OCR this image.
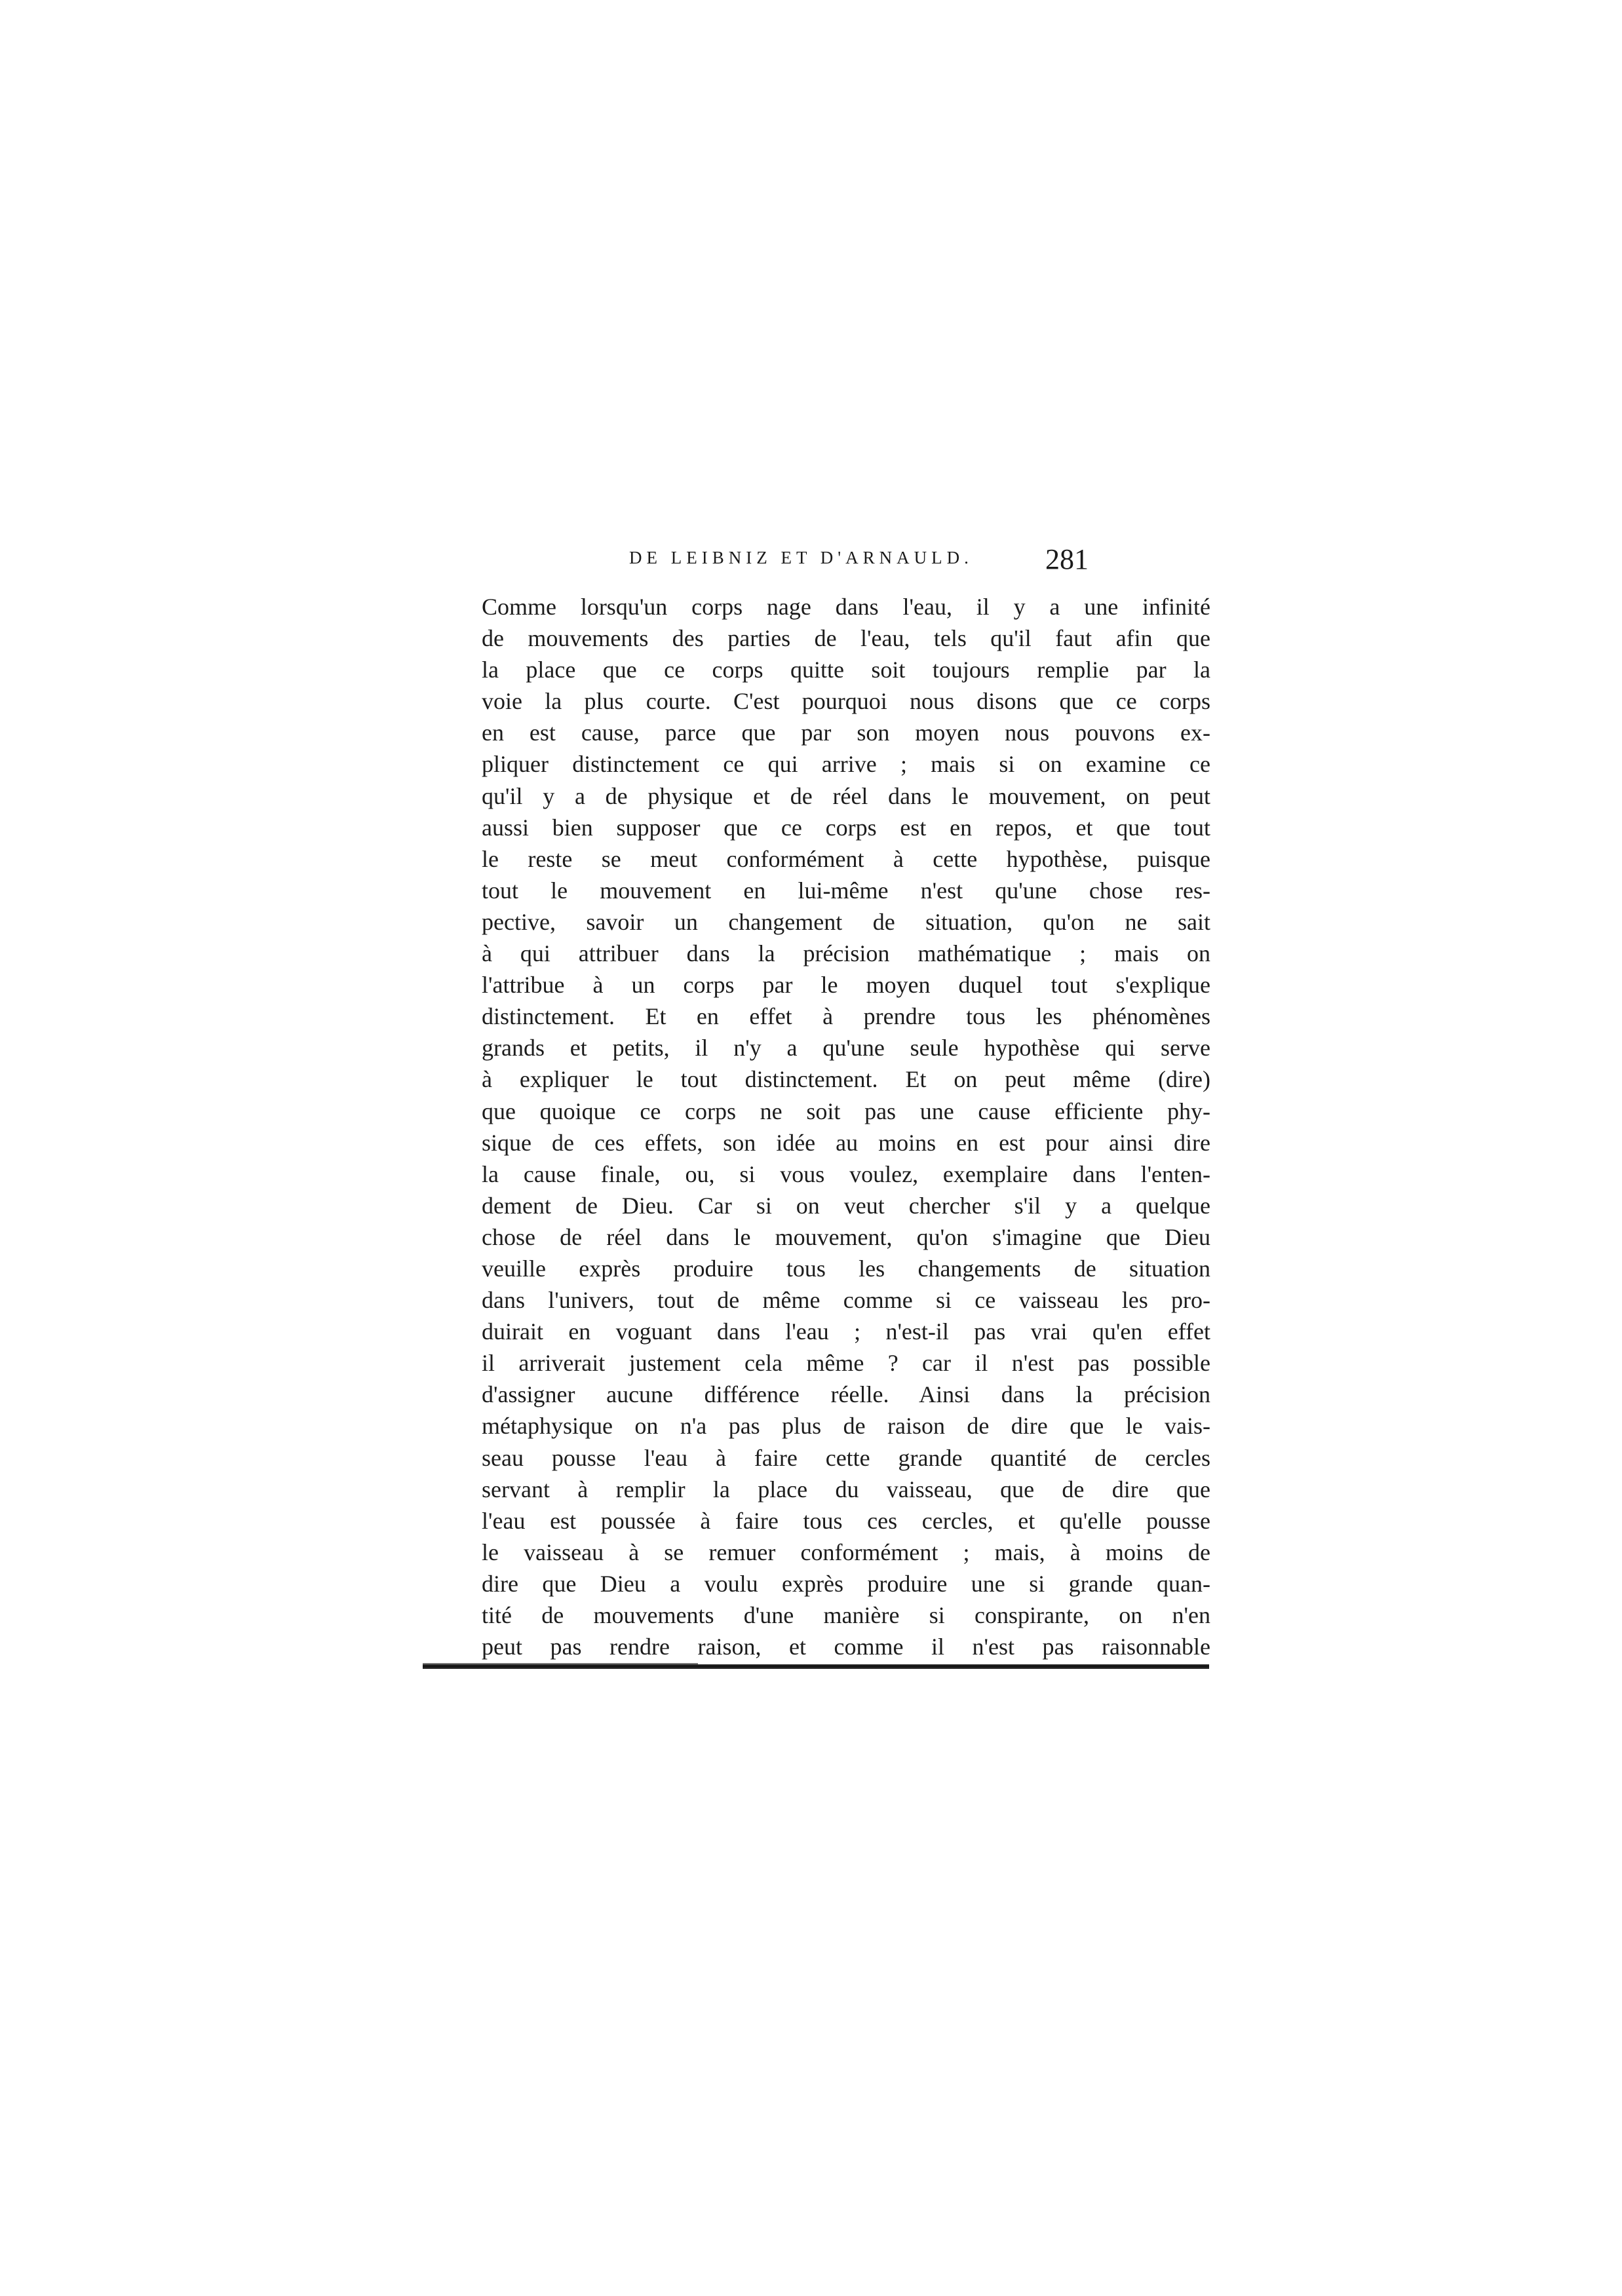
DE LEIBNIZ ET D'ARNAULD.	281
Comme lorsqu'un corps nage dans l'eau, il y a une infinité
de mouvements des parties de l'eau, tels qu'il faut afin que
la place que ce corps quitte soit toujours remplie par la
voie la plus courte. C'est pourquoi nous disons que ce corps
en est cause, parce que par son moyen nous pouvons ex-
pliquer distinctement ce qui arrive ; mais si on examine ce
qu'il y a de physique et de réel dans le mouvement, on peut
aussi bien supposer que ce corps est en repos, et que tout
le reste se meut conformément à cette hypothèse, puisque
tout le mouvement en lui-même n'est qu'une chose res-
pective, savoir un changement de situation, qu'on ne sait
à qui attribuer dans la précision mathématique ; mais on
l'attribue à un corps par le moyen duquel tout s'explique
distinctement. Et en effet à prendre tous les phénomènes
grands et petits, il n'y a qu'une seule hypothèse qui serve
à expliquer le tout distinctement. Et on peut même (dire)
que quoique ce corps ne soit pas une cause efficiente phy-
sique de ces effets, son idée au moins en est pour ainsi dire
la cause finale, ou, si vous voulez, exemplaire dans l'enten-
dement de Dieu. Car si on veut chercher s'il y a quelque
chose de réel dans le mouvement, qu'on s'imagine que Dieu
veuille exprès produire tous les changements de situation
dans l'univers, tout de même comme si ce vaisseau les pro-
duirait en voguant dans l'eau ; n'est-il pas vrai qu'en effet
il arriverait justement cela même ? car il n'est pas possible
d'assigner aucune différence réelle. Ainsi dans la précision
métaphysique on n'a pas plus de raison de dire que le vais-
seau pousse l'eau à faire cette grande quantité de cercles
servant à remplir la place du vaisseau, que de dire que
l'eau est poussée à faire tous ces cercles, et qu'elle pousse
le vaisseau à se remuer conformément ; mais, à moins de
dire que Dieu a voulu exprès produire une si grande quan-
tité de mouvements d'une manière si conspirante, on n'en
peut pas rendre raison, et comme il n'est pas raisonnable
